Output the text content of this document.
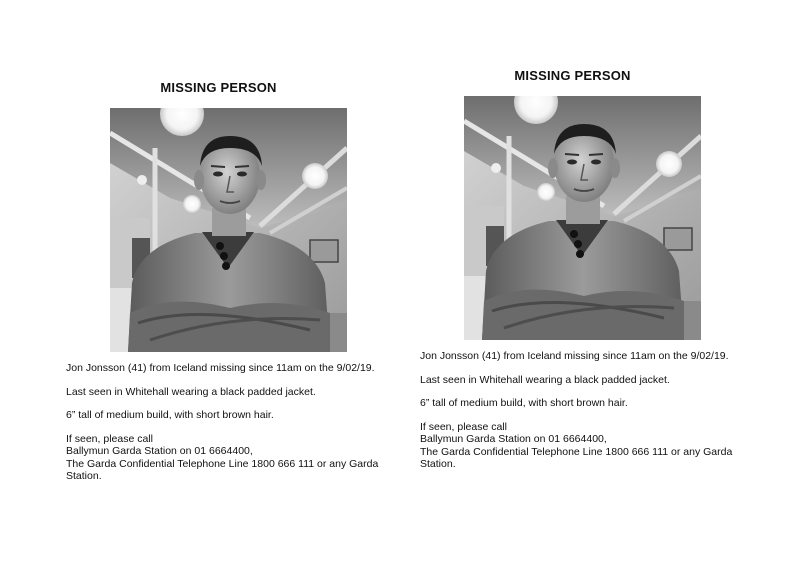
MISSING PERSON

Jon Jonsson (41) from Iceland missing since 11am on the 9/02/19.

Last seen in Whitehall wearing a black padded jacket.

6” tall of medium build, with short brown hair.

If seen, please call
Ballymun Garda Station on 01 6664400,
The Garda Confidential Telephone Line 1800 666 111 or any Garda
Station.

MISSING PERSON

Jon Jonsson (41) from Iceland missing since 11am on the 9/02/19.

Last seen in Whitehall wearing a black padded jacket.

6” tall of medium build, with short brown hair.

If seen, please call
Ballymun Garda Station on 01 6664400,
The Garda Confidential Telephone Line 1800 666 111 or any Garda
Station.
